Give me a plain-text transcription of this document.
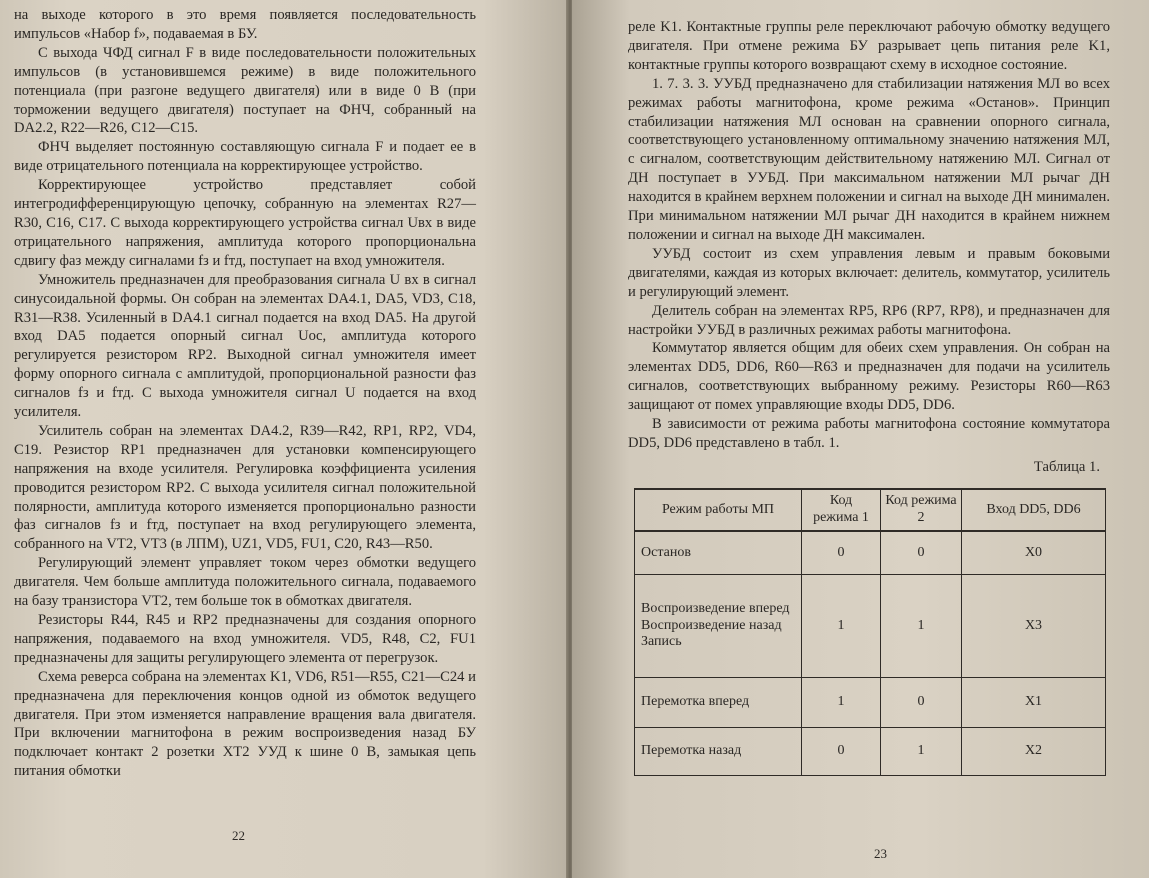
на выходе которого в это время появляется последовательность импульсов «Набор f», подаваемая в БУ.

С выхода ЧФД сигнал F в виде последовательности положительных импульсов (в установившемся режиме) в виде положительного потенциала (при разгоне ведущего двигателя) или в виде 0 В (при торможении ведущего двигателя) поступает на ФНЧ, собранный на DA2.2, R22—R26, C12—C15.

ФНЧ выделяет постоянную составляющую сигнала F и подает ее в виде отрицательного потенциала на корректирующее устройство.

Корректирующее устройство представляет собой интегродифференцирующую цепочку, собранную на элементах R27—R30, C16, C17. С выхода корректирующего устройства сигнал Uвх в виде отрицательного напряжения, амплитуда которого пропорциональна сдвигу фаз между сигналами fз и fтд, поступает на вход умножителя.

Умножитель предназначен для преобразования сигнала U вх в сигнал синусоидальной формы. Он собран на элементах DA4.1, DA5, VD3, C18, R31—R38. Усиленный в DA4.1 сигнал подается на вход DA5. На другой вход DA5 подается опорный сигнал Uоc, амплитуда которого регулируется резистором RP2. Выходной сигнал умножителя имеет форму опорного сигнала с амплитудой, пропорциональной разности фаз сигналов fз и fтд. С выхода умножителя сигнал U подается на вход усилителя.

Усилитель собран на элементах DA4.2, R39—R42, RP1, RP2, VD4, C19. Резистор RP1 предназначен для установки компенсирующего напряжения на входе усилителя. Регулировка коэффициента усиления проводится резистором RP2. С выхода усилителя сигнал положительной полярности, амплитуда которого изменяется пропорционально разности фаз сигналов fз и fтд, поступает на вход регулирующего элемента, собранного на VT2, VT3 (в ЛПМ), UZ1, VD5, FU1, C20, R43—R50.

Регулирующий элемент управляет током через обмотки ведущего двигателя. Чем больше амплитуда положительного сигнала, подаваемого на базу транзистора VT2, тем больше ток в обмотках двигателя.

Резисторы R44, R45 и RP2 предназначены для создания опорного напряжения, подаваемого на вход умножителя. VD5, R48, C2, FU1 предназначены для защиты регулирующего элемента от перегрузок.

Схема реверса собрана на элементах K1, VD6, R51—R55, C21—C24 и предназначена для переключения концов одной из обмоток ведущего двигателя. При этом изменяется направление вращения вала двигателя. При включении магнитофона в режим воспроизведения назад БУ подключает контакт 2 розетки XT2 УУД к шине 0 В, замыкая цепь питания обмотки

22

реле K1. Контактные группы реле переключают рабочую обмотку ведущего двигателя. При отмене режима БУ разрывает цепь питания реле K1, контактные группы которого возвращают схему в исходное состояние.

1. 7. 3. 3. УУБД предназначено для стабилизации натяжения МЛ во всех режимах работы магнитофона, кроме режима «Останов». Принцип стабилизации натяжения МЛ основан на сравнении опорного сигнала, соответствующего установленному оптимальному значению натяжения МЛ, с сигналом, соответствующим действительному натяжению МЛ. Сигнал от ДН поступает в УУБД. При максимальном натяжении МЛ рычаг ДН находится в крайнем верхнем положении и сигнал на выходе ДН минимален. При минимальном натяжении МЛ рычаг ДН находится в крайнем нижнем положении и сигнал на выходе ДН максимален.

УУБД состоит из схем управления левым и правым боковыми двигателями, каждая из которых включает: делитель, коммутатор, усилитель и регулирующий элемент.

Делитель собран на элементах RP5, RP6 (RP7, RP8), и предназначен для настройки УУБД в различных режимах работы магнитофона.

Коммутатор является общим для обеих схем управления. Он собран на элементах DD5, DD6, R60—R63 и предназначен для подачи на усилитель сигналов, соответствующих выбранному режиму. Резисторы R60—R63 защищают от помех управляющие входы DD5, DD6.

В зависимости от режима работы магнитофона состояние коммутатора DD5, DD6 представлено в табл. 1.

Таблица 1.
Режим работы МП	Код режима 1	Код режима 2	Вход DD5, DD6

Останов	0	0	X0

Воспроизведение вперед
Воспроизведение назад
Запись	1	1	X3

Перемотка вперед	1	0	X1

Перемотка назад	0	1	X2
23
